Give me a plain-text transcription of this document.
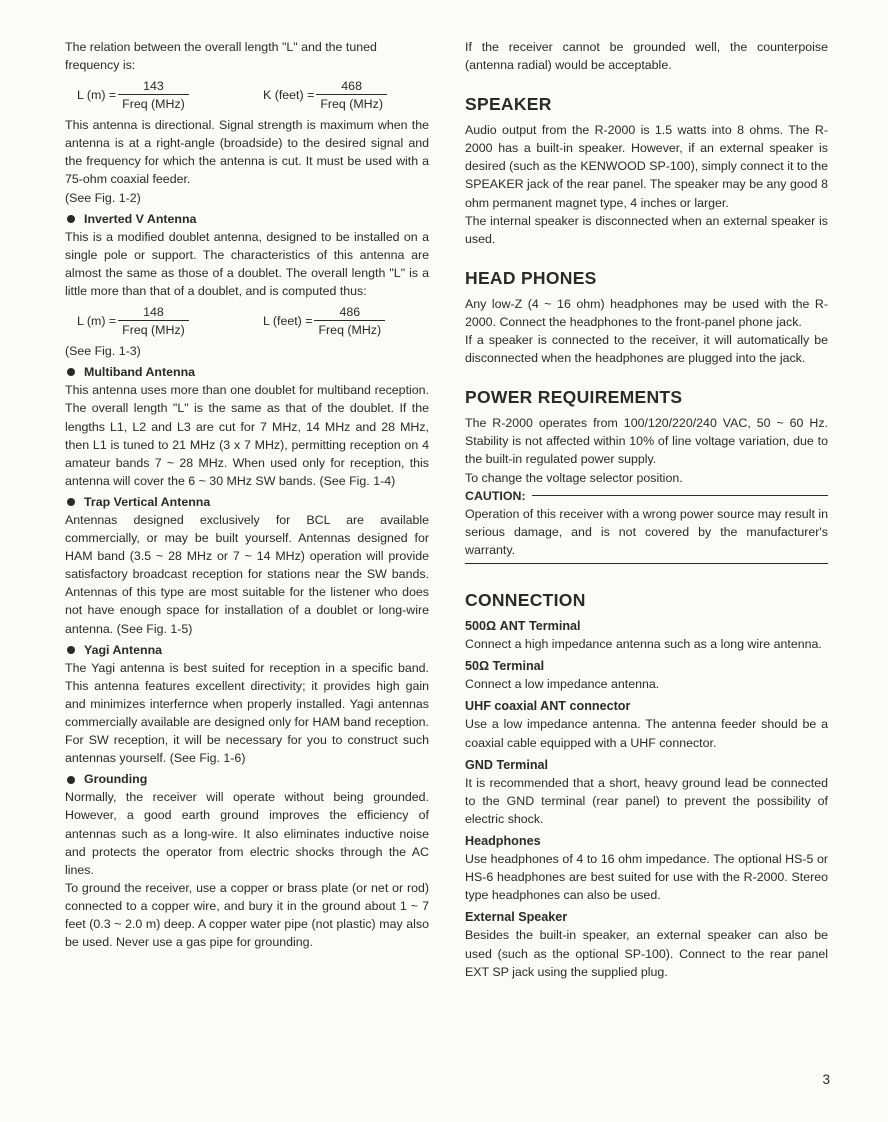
The relation between the overall length "L" and the tuned frequency is:

L $(m) = \frac{143}{\text{Freq (MHz)}}$	K (feet) = $\frac{468}{\text{Freq (MHz)}}$

This antenna is directional. Signal strength is maximum when the antenna is at a right-angle (broadside) to the desired signal and the frequency for which the antenna is cut. It must be used with a 75-ohm coaxial feeder.

(See Fig. 1-2)

Inverted V Antenna

This is a modified doublet antenna, designed to be installed on a single pole or support. The characteristics of this antenna are almost the same as those of a doublet. The overall length "L" is a little more than that of a doublet, and is computed thus:

L $(m) = \frac{148}{\text{Freq (MHz)}}$	L (feet) = $\frac{486}{\text{Freq (MHz)}}$

(See Fig. 1-3)

Multiband Antenna

This antenna uses more than one doublet for multiband reception. The overall length "L" is the same as that of the doublet. If the lengths L1, L2 and L3 are cut for 7 MHz, 14 MHz and 28 MHz, then L1 is tuned to 21 MHz (3 x 7 MHz), permitting reception on 4 amateur bands 7 ~ 28 MHz. When used only for reception, this antenna will cover the 6 ~ 30 MHz SW bands. (See Fig. 1-4)

Trap Vertical Antenna

Antennas designed exclusively for BCL are available commercially, or may be built yourself. Antennas designed for HAM band (3.5 ~ 28 MHz or 7 ~ 14 MHz) operation will provide satisfactory broadcast reception for stations near the SW bands. Antennas of this type are most suitable for the listener who does not have enough space for installation of a doublet or long-wire antenna. (See Fig. 1-5)

Yagi Antenna

The Yagi antenna is best suited for reception in a specific band. This antenna features excellent directivity; it provides high gain and minimizes interfernce when properly installed. Yagi antennas commercially available are designed only for HAM band reception. For SW reception, it will be necessary for you to construct such antennas yourself. (See Fig. 1-6)

Grounding

Normally, the receiver will operate without being grounded. However, a good earth ground improves the efficiency of antennas such as a long-wire. It also eliminates inductive noise and protects the operator from electric shocks through the AC lines.

To ground the receiver, use a copper or brass plate (or net or rod) connected to a copper wire, and bury it in the ground about 1 ~ 7 feet (0.3 ~ 2.0 m) deep. A copper water pipe (not plastic) may also be used. Never use a gas pipe for grounding.

If the receiver cannot be grounded well, the counterpoise (antenna radial) would be acceptable.

SPEAKER

Audio output from the R-2000 is 1.5 watts into 8 ohms. The R-2000 has a built-in speaker. However, if an external speaker is desired (such as the KENWOOD SP-100), simply connect it to the SPEAKER jack of the rear panel. The speaker may be any good 8 ohm permanent magnet type, 4 inches or larger.

The internal speaker is disconnected when an external speaker is used.

HEAD PHONES

Any low-Z (4 ~ 16 ohm) headphones may be used with the R-2000. Connect the headphones to the front-panel phone jack.

If a speaker is connected to the receiver, it will automatically be disconnected when the headphones are plugged into the jack.

POWER REQUIREMENTS

The R-2000 operates from 100/120/220/240 VAC, 50 ~ 60 Hz. Stability is not affected within 10% of line voltage variation, due to the built-in regulated power supply.

To change the voltage selector position.

CAUTION:

Operation of this receiver with a wrong power source may result in serious damage, and is not covered by the manufacturer's warranty.

CONNECTION

500Ω ANT Terminal

Connect a high impedance antenna such as a long wire antenna.

50Ω Terminal

Connect a low impedance antenna.

UHF coaxial ANT connector

Use a low impedance antenna. The antenna feeder should be a coaxial cable equipped with a UHF connector.

GND Terminal

It is recommended that a short, heavy ground lead be connected to the GND terminal (rear panel) to prevent the possibility of electric shock.

Headphones

Use headphones of 4 to 16 ohm impedance. The optional HS-5 or HS-6 headphones are best suited for use with the R-2000. Stereo type headphones can also be used.

External Speaker

Besides the built-in speaker, an external speaker can also be used (such as the optional SP-100). Connect to the rear panel EXT SP jack using the supplied plug.

3
